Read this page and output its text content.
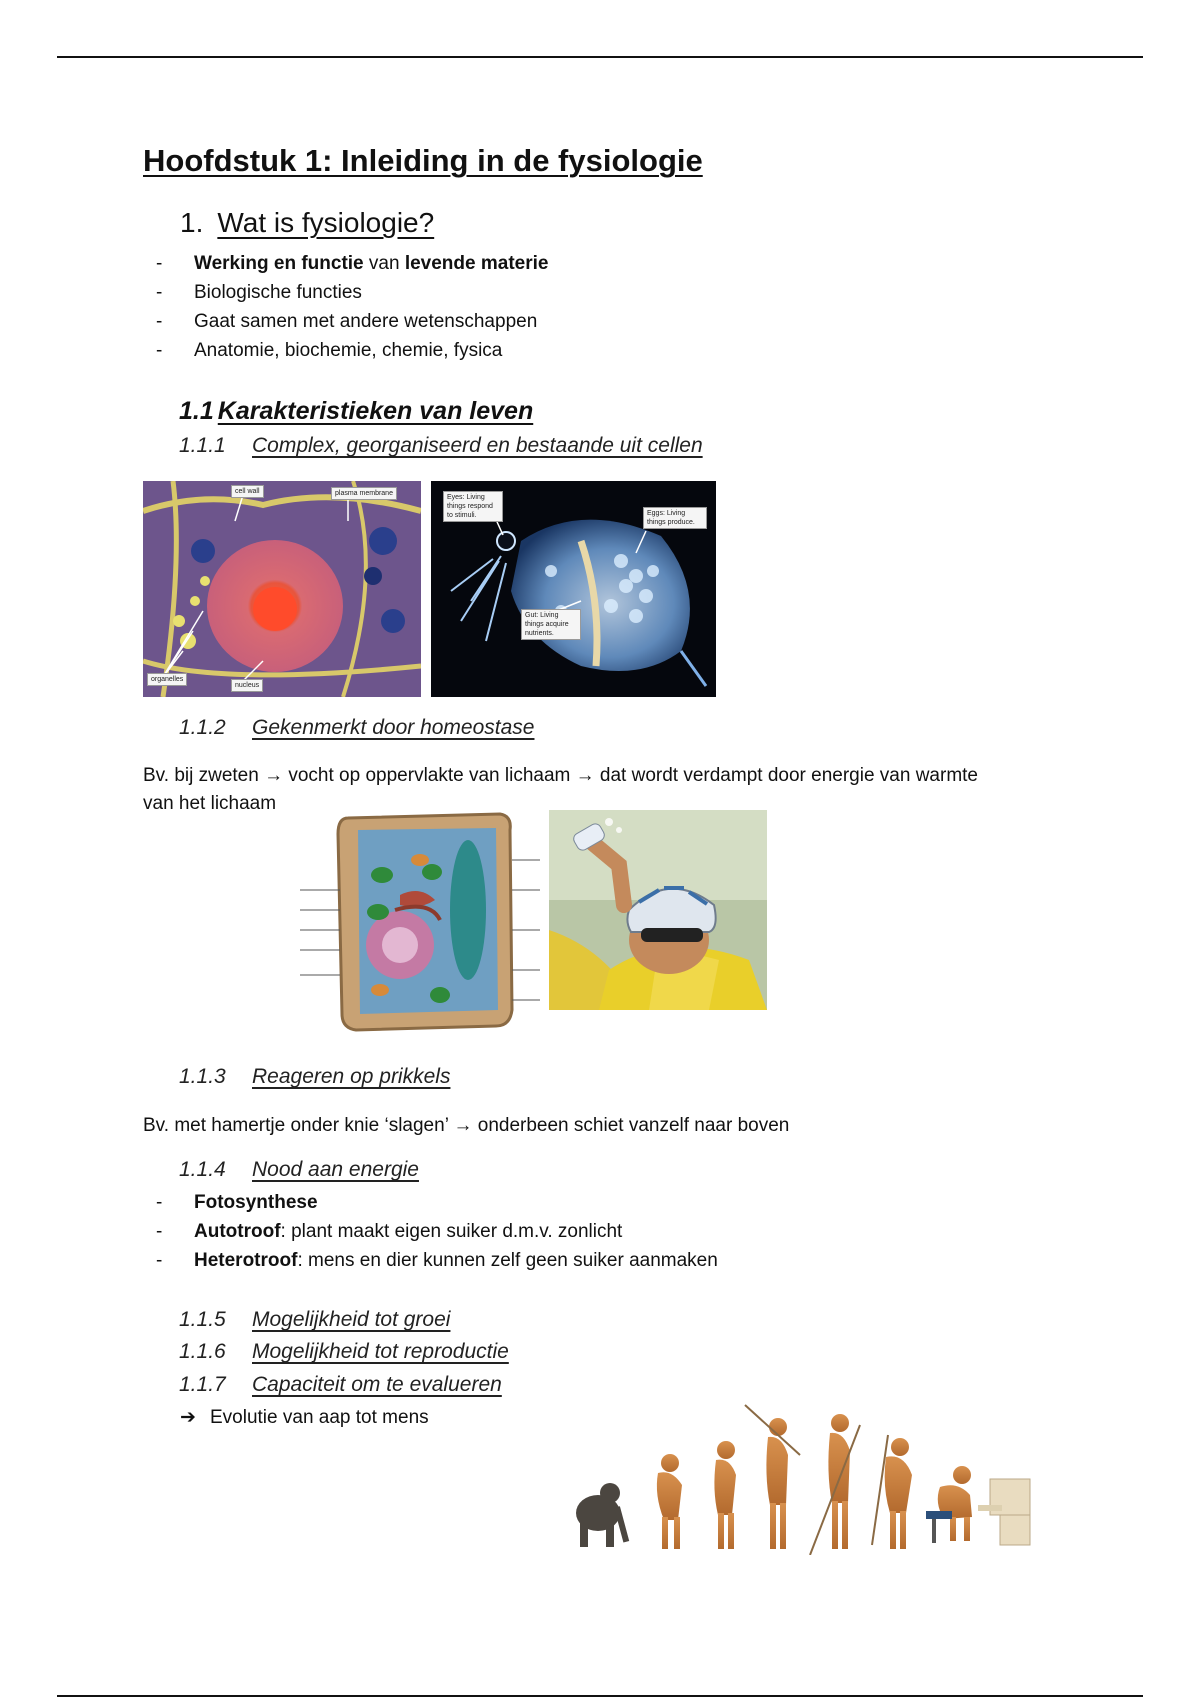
Hoofdstuk 1: Inleiding in de fysiologie
1. Wat is fysiologie?
- Werking en functie van levende materie
- Biologische functies
- Gaat samen met andere wetenschappen
- Anatomie, biochemie, chemie, fysica
1.1 Karakteristieken van leven
1.1.1 Complex, georganiseerd en bestaande uit cellen
cell wall	plasma membrane
organelles
nucleus
Eyes: Living things respond to stimuli.	Eggs: Living things produce.
Gut: Living things acquire nutrients.
1.1.2 Gekenmerkt door homeostase
Bv. bij zweten → vocht op oppervlakte van lichaam → dat wordt verdampt door energie van warmte
van het lichaam
1.1.3 Reageren op prikkels
Bv. met hamertje onder knie ‘slagen’ → onderbeen schiet vanzelf naar boven
1.1.4 Nood aan energie
- Fotosynthese
- Autotroof: plant maakt eigen suiker d.m.v. zonlicht
- Heterotroof: mens en dier kunnen zelf geen suiker aanmaken
1.1.5 Mogelijkheid tot groei
1.1.6 Mogelijkheid tot reproductie
1.1.7 Capaciteit om te evalueren
➔ Evolutie van aap tot mens
